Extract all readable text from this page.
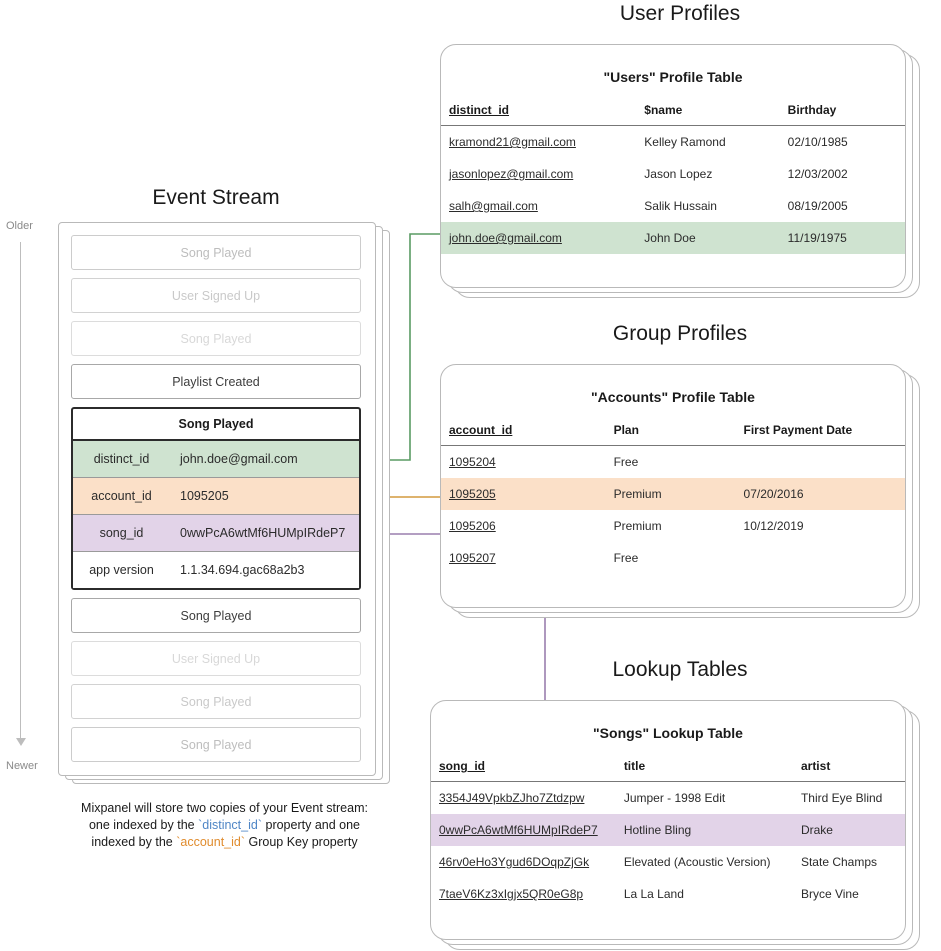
User Profiles
Group Profiles
Lookup Tables
Event Stream
Older
Newer
Song Played
User Signed Up
Song Played
Playlist Created
Song Played
distinct_id	john.doe@gmail.com
account_id	1095205
song_id	0wwPcA6wtMf6HUMpIRdeP7
app version	1.1.34.694.gac68a2b3
Song Played
User Signed Up
Song Played
Song Played
Mixpanel will store two copies of your Event stream:
one indexed by the `distinct_id` property and one
indexed by the `account_id` Group Key property
"Users" Profile Table
distinct_id	$name	Birthday
kramond21@gmail.com	Kelley Ramond	02/10/1985
jasonlopez@gmail.com	Jason Lopez	12/03/2002
salh@gmail.com	Salik Hussain	08/19/2005
john.doe@gmail.com	John Doe	11/19/1975
"Accounts" Profile Table
account_id	Plan	First Payment Date
1095204	Free	
1095205	Premium	07/20/2016
1095206	Premium	10/12/2019
1095207	Free	
"Songs" Lookup Table
song_id	title	artist
3354J49VpkbZJho7Ztdzpw	Jumper - 1998 Edit	Third Eye Blind
0wwPcA6wtMf6HUMpIRdeP7	Hotline Bling	Drake
46rv0eHo3Ygud6DOqpZjGk	Elevated (Acoustic Version)	State Champs
7taeV6Kz3xIgjx5QR0eG8p	La La Land	Bryce Vine
